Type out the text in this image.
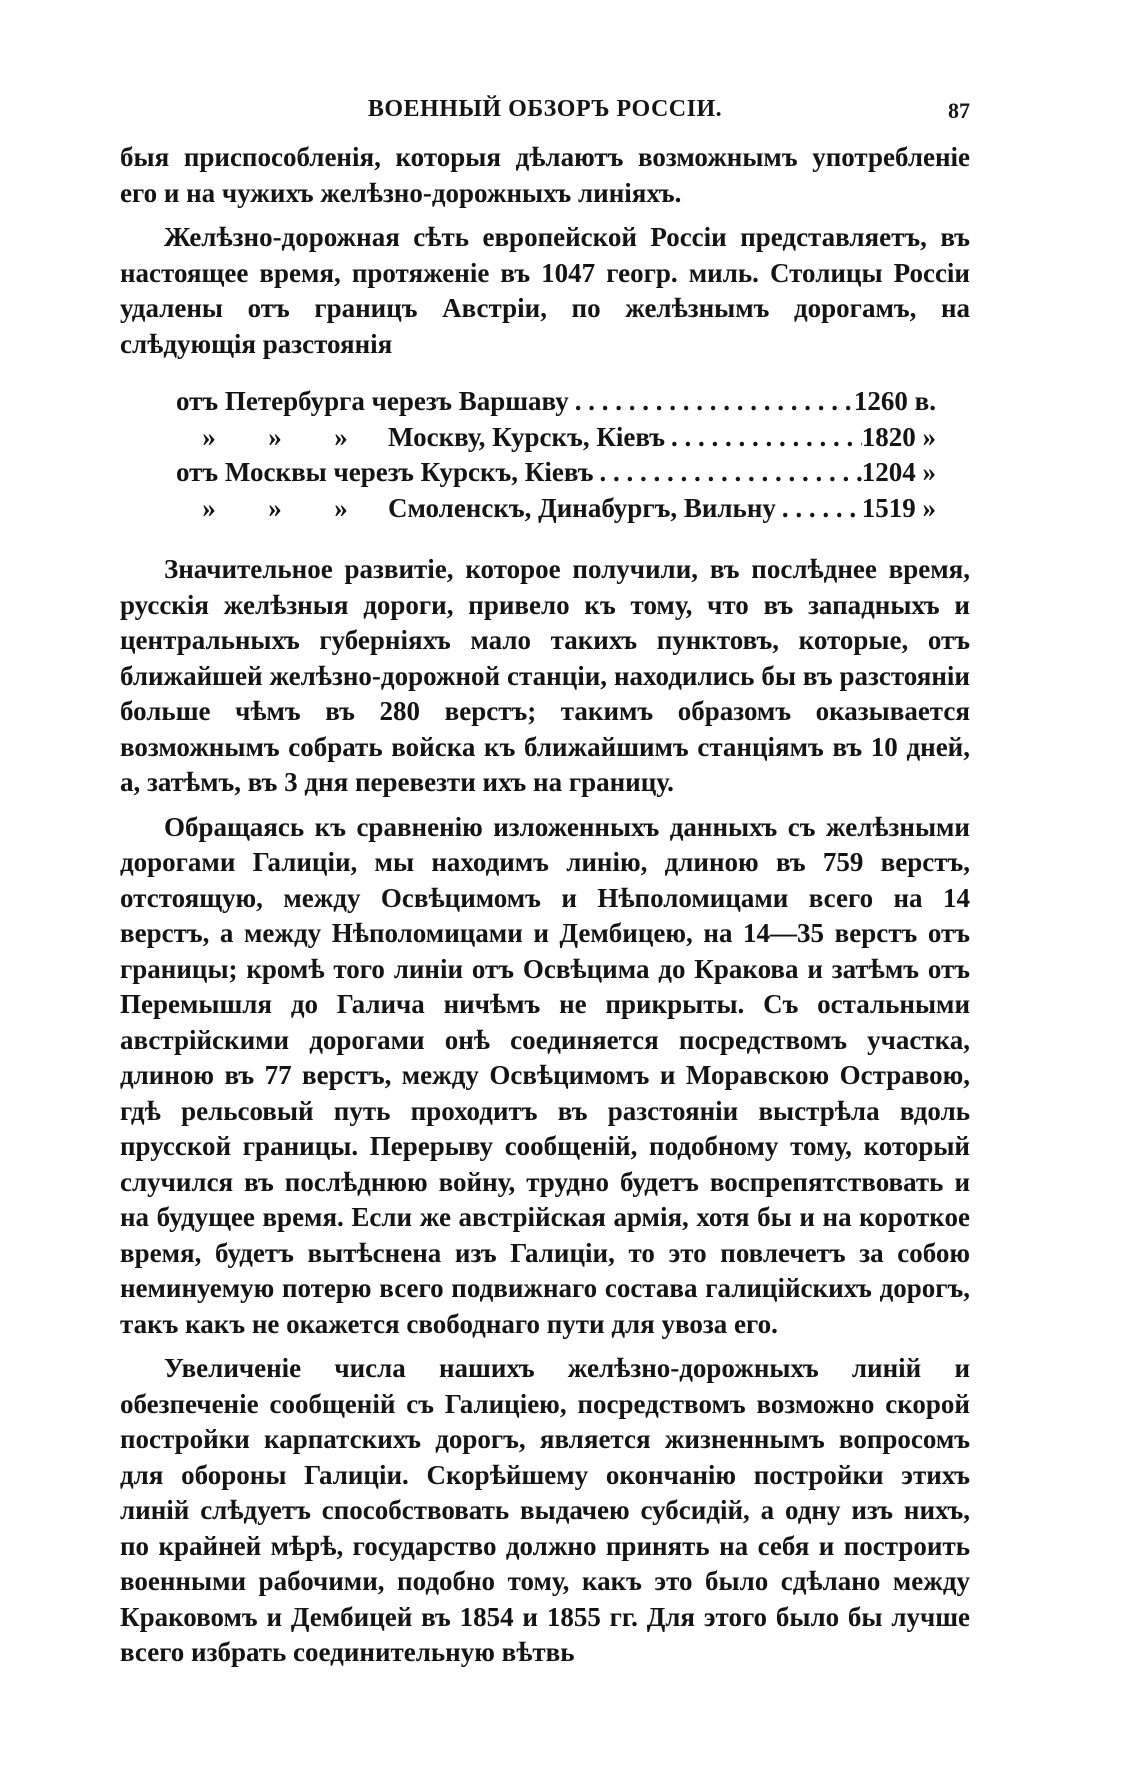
ВОЕННЫЙ ОБЗОРЪ РОССІИ.	87

быя приспособленія, которыя дѣлаютъ возможнымъ употребленіе его и на чужихъ желѣзно-дорожныхъ линіяхъ.

Желѣзно-дорожная сѣть европейской Россіи представляетъ, въ настоящее время, протяженіе въ 1047 геогр. миль. Столицы Россіи удалены отъ границъ Австріи, по желѣзнымъ дорогамъ, на слѣдующія разстоянія

отъ Петербурга черезъ Варшаву . . .	1260 в.
»	»	»	Москву, Курскъ, Кіевъ . . .	1820 »
отъ Москвы черезъ Курскъ, Кіевъ . . .	1204 »
»	»	»	Смоленскъ, Динабургъ, Вильну . . .	1519 »

Значительное развитіе, которое получили, въ послѣднее время, русскія желѣзныя дороги, привело къ тому, что въ западныхъ и центральныхъ губерніяхъ мало такихъ пунктовъ, которые, отъ ближайшей желѣзно-дорожной станціи, находились бы въ разстояніи больше чѣмъ въ 280 верстъ; такимъ образомъ оказывается возможнымъ собрать войска къ ближайшимъ станціямъ въ 10 дней, а, затѣмъ, въ 3 дня перевезти ихъ на границу.

Обращаясь къ сравненію изложенныхъ данныхъ съ желѣзными дорогами Галиціи, мы находимъ линію, длиною въ 759 верстъ, отстоящую, между Освѣцимомъ и Нѣполомицами всего на 14 верстъ, а между Нѣполомицами и Дембицею, на 14—35 верстъ отъ границы; кромѣ того линіи отъ Освѣцима до Кракова и затѣмъ отъ Перемышля до Галича ничѣмъ не прикрыты. Съ остальными австрійскими дорогами онѣ соединяется посредствомъ участка, длиною въ 77 верстъ, между Освѣцимомъ и Моравскою Остравою, гдѣ рельсовый путь проходитъ въ разстояніи выстрѣла вдоль прусской границы. Перерыву сообщеній, подобному тому, который случился въ послѣднюю войну, трудно будетъ воспрепятствовать и на будущее время. Если же австрійская армія, хотя бы и на короткое время, будетъ вытѣснена изъ Галиціи, то это повлечетъ за собою неминуемую потерю всего подвижнаго состава галиційскихъ дорогъ, такъ какъ не окажется свободнаго пути для увоза его.

Увеличеніе числа нашихъ желѣзно-дорожныхъ линій и обезпеченіе сообщеній съ Галиціею, посредствомъ возможно скорой постройки карпатскихъ дорогъ, является жизненнымъ вопросомъ для обороны Галиціи. Скорѣйшему окончанію постройки этихъ линій слѣдуетъ способствовать выдачею субсидій, а одну изъ нихъ, по крайней мѣрѣ, государство должно принять на себя и построить военными рабочими, подобно тому, какъ это было сдѣлано между Краковомъ и Дембицей въ 1854 и 1855 гг. Для этого было бы лучше всего избрать соединительную вѣтвь
